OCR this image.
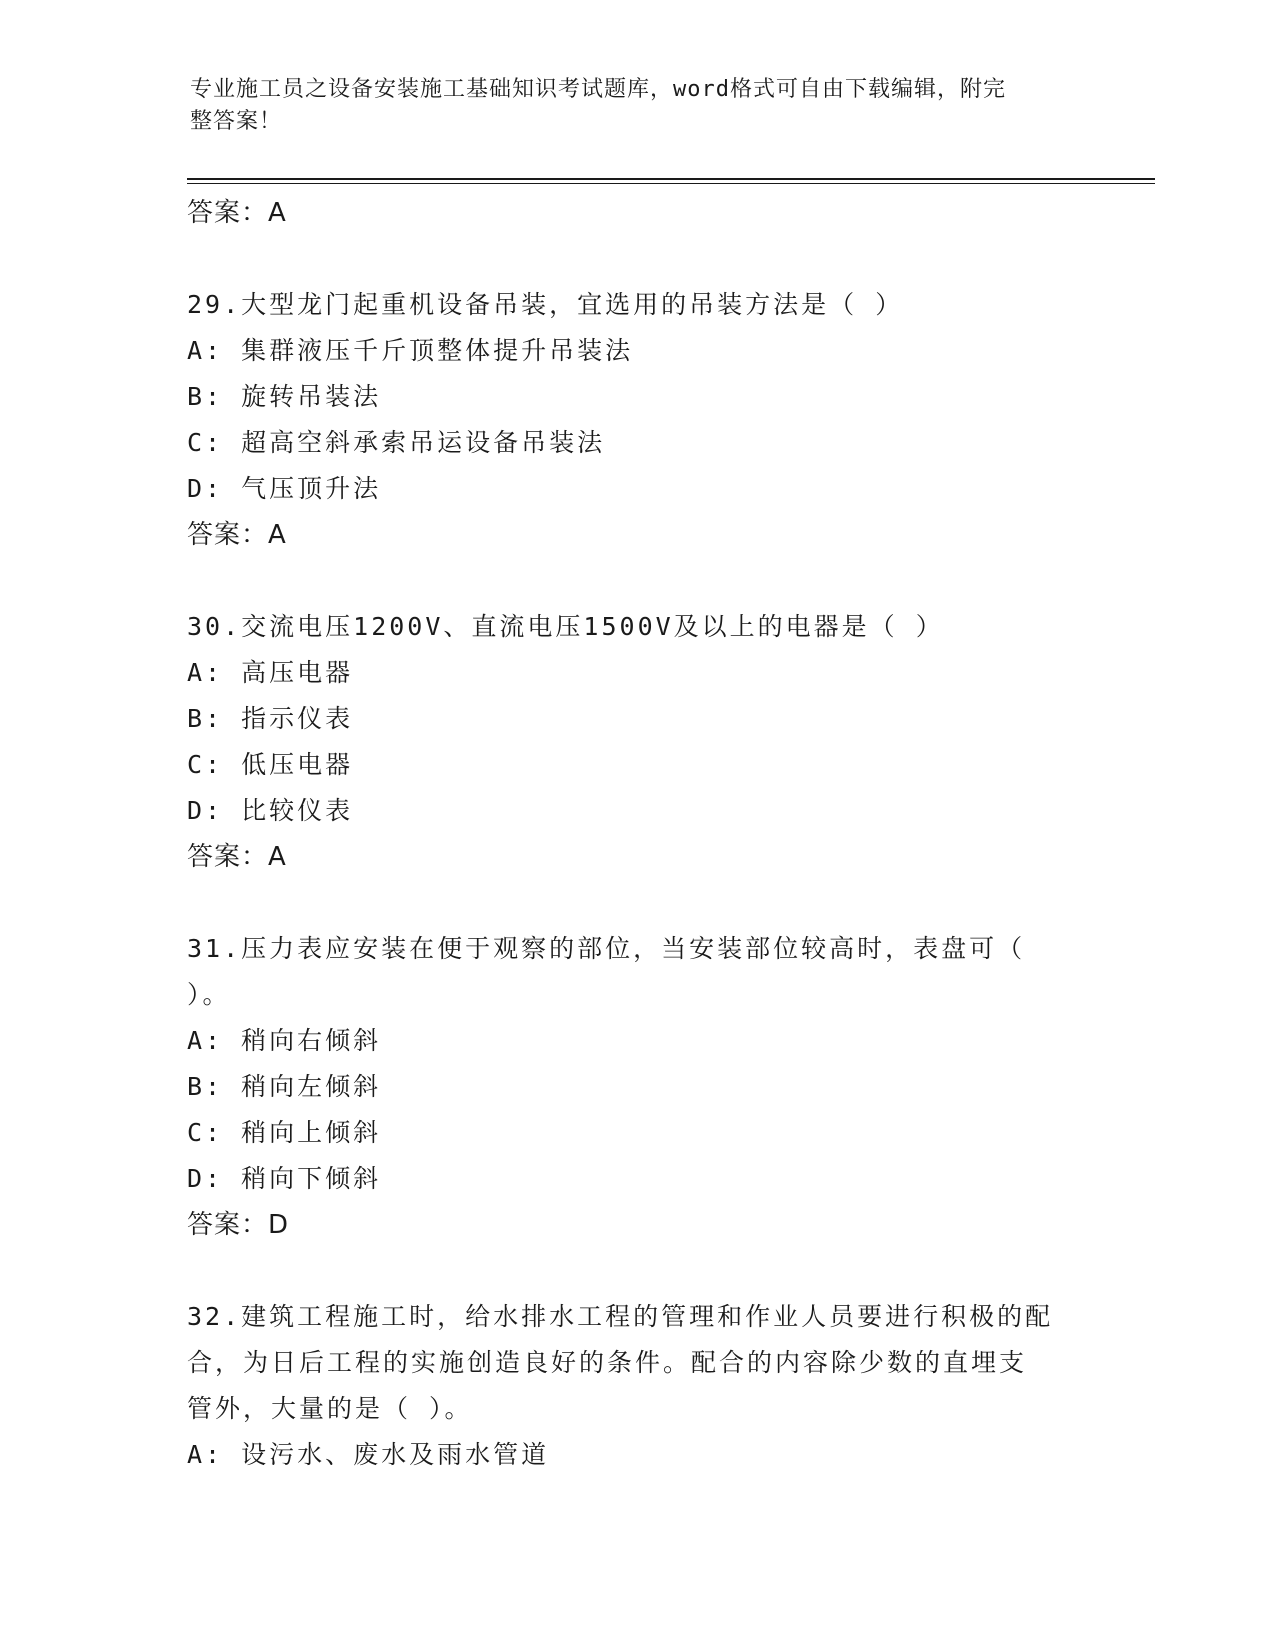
专业施工员之设备安装施工基础知识考试题库，word格式可自由下载编辑，附完
整答案！
答案：A
29.大型龙门起重机设备吊装，宜选用的吊装方法是（ ）
A: 集群液压千斤顶整体提升吊装法
B: 旋转吊装法
C: 超高空斜承索吊运设备吊装法
D: 气压顶升法
答案：A
30.交流电压1200V、直流电压1500V及以上的电器是（ ）
A: 高压电器
B: 指示仪表
C: 低压电器
D: 比较仪表
答案：A
31.压力表应安装在便于观察的部位，当安装部位较高时，表盘可（
）。
A: 稍向右倾斜
B: 稍向左倾斜
C: 稍向上倾斜
D: 稍向下倾斜
答案：D
32.建筑工程施工时，给水排水工程的管理和作业人员要进行积极的配
合，为日后工程的实施创造良好的条件。配合的内容除少数的直埋支
管外，大量的是（ ）。
A: 设污水、废水及雨水管道
